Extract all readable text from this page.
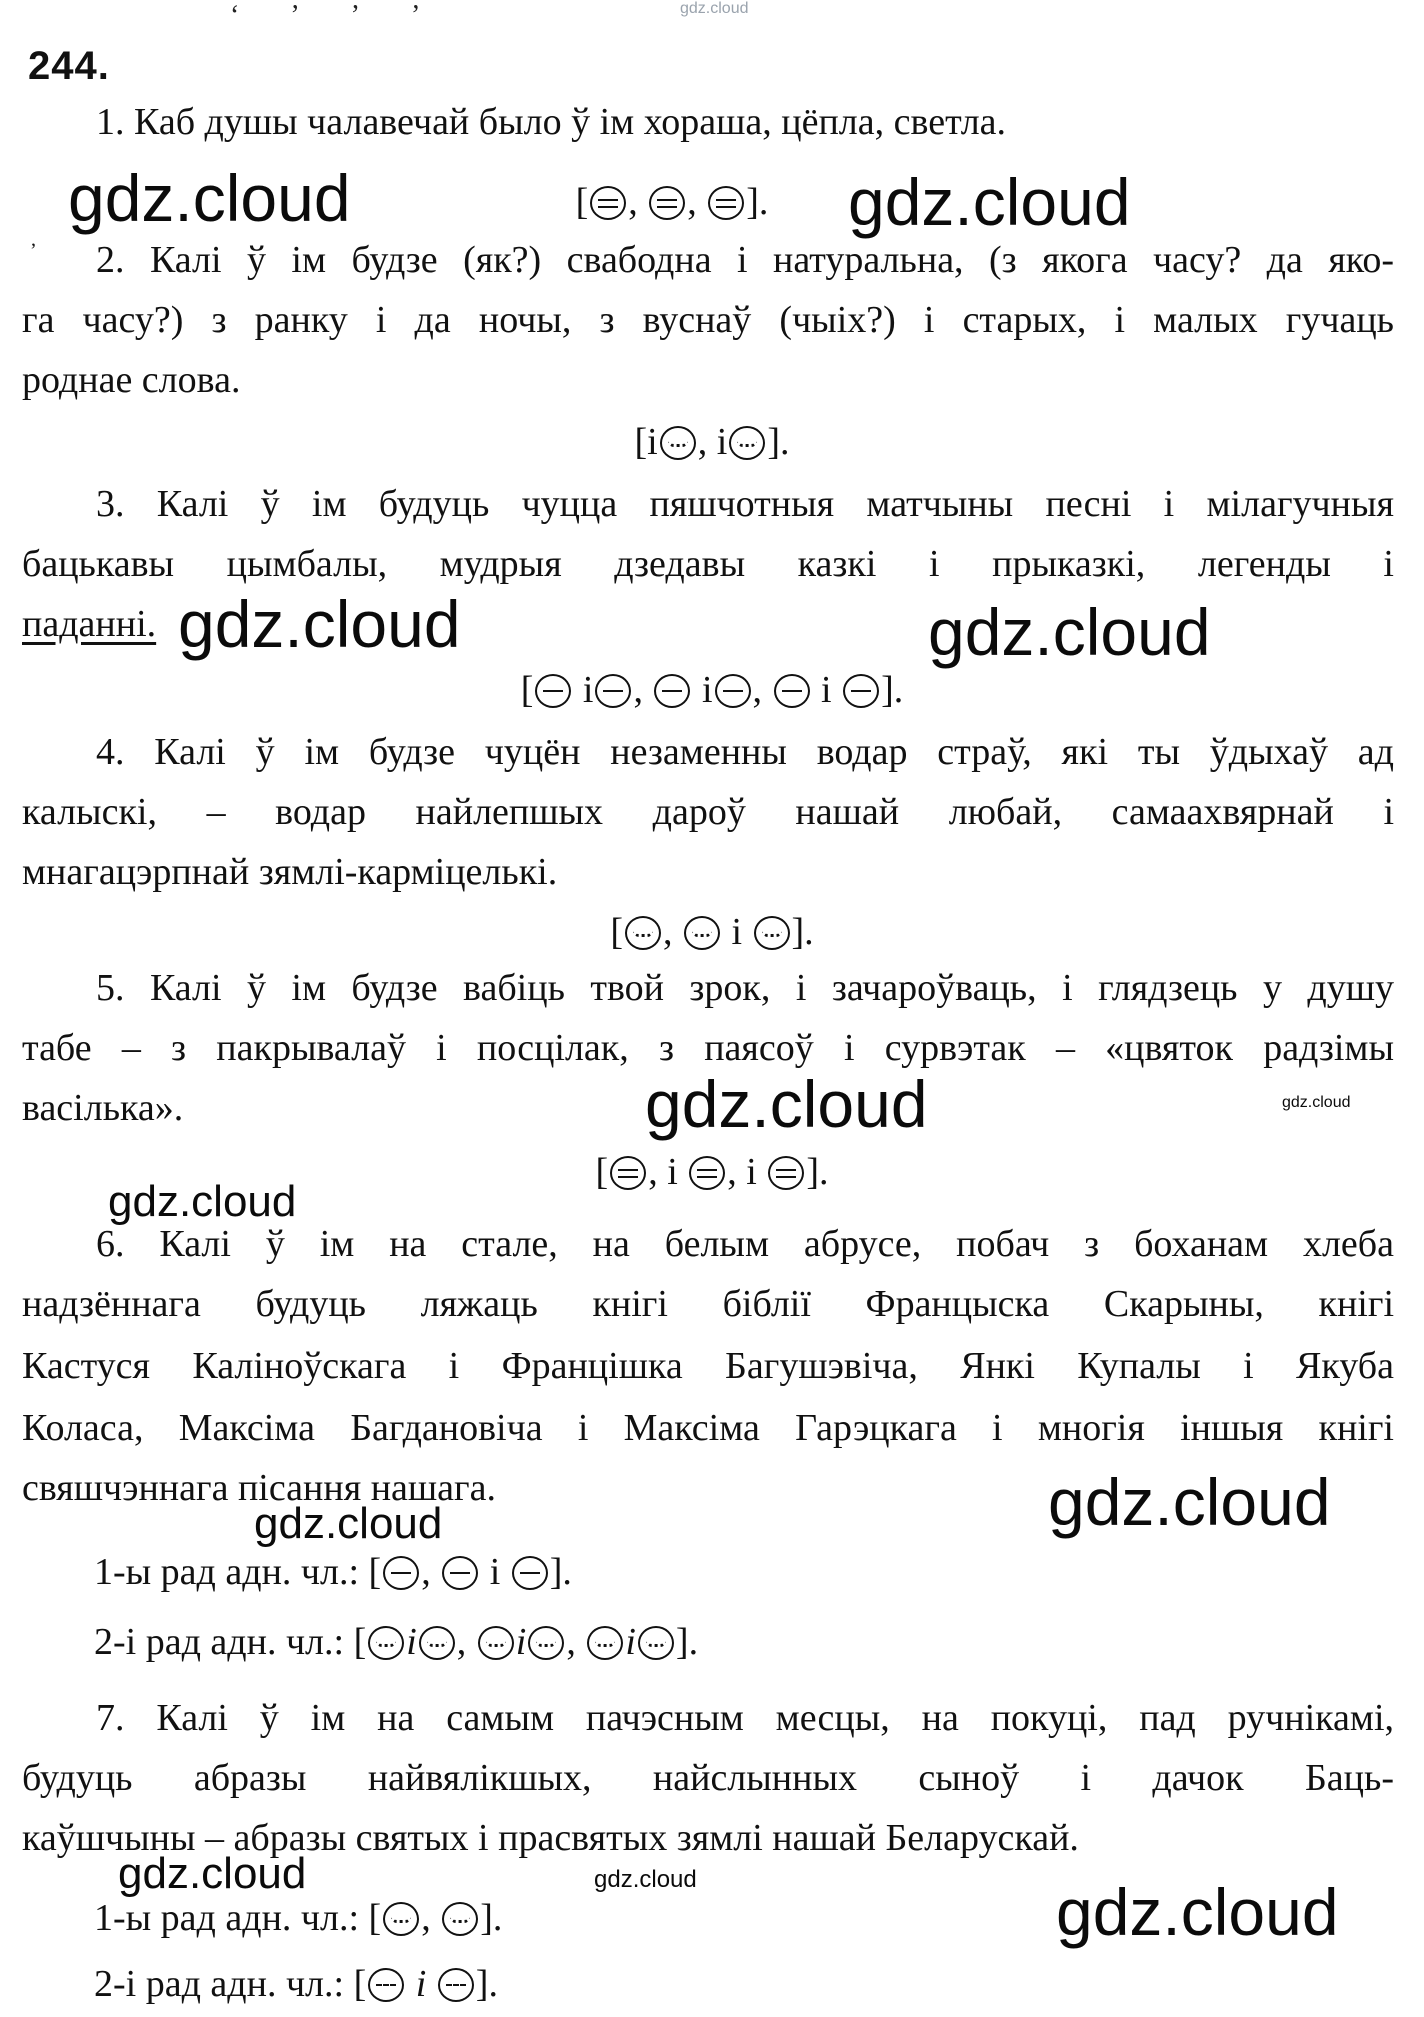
gdz.cloud
ʻ ʼ ʼ ʼ
244.
1. Каб душы чалавечай было ў ім хораша, цёпла, светла.
gdz.cloud	[ , , ].	gdz.cloud
ʼ	2. Калі ў ім будзе (як?) свабодна і натуральна, (з якога часу? да яко-
га часу?) з ранку і да ночы, з вуснаў (чыіх?) і старых, і малых гучаць
роднае слова.
[і , і ].
3. Калі ў ім будуць чуцца пяшчотныя матчыны песні і мілагучныя
бацькавы цымбалы, мудрыя дзедавы казкі і прыказкі, легенды і
паданні. gdz.cloud	gdz.cloud
[ і , і , і ].
4. Калі ў ім будзе чуцён незаменны водар страў, які ты ўдыхаў ад
калыскі, – водар найлепшых дароў нашай любай, самаахвярнай і
мнагацэрпнай зямлі-карміцелькі.
[ , і ].
5. Калі ў ім будзе вабіць твой зрок, і зачароўваць, і глядзець у душу
табе – з пакрывалаў і посцілак, з паясоў і сурвэтак – «цвяток радзімы
васілька».	gdz.cloud	gdz.cloud
[ , і , і ].
gdz.cloud
6. Калі ў ім на стале, на белым абрусе, побач з боханам хлеба
надзённага будуць ляжаць кнігі біблії Францыска Скарыны, кнігі
Кастуся Каліноўскага і Францішка Багушэвіча, Янкі Купалы і Якуба
Коласа, Максіма Багдановіча і Максіма Гарэцкага і многія іншыя кнігі
свяшчэннага пісання нашага.	gdz.cloud
gdz.cloud
1-ы рад адн. чл.: [ , і ].
2-і рад адн. чл.: [ і , і , і ].
7. Калі ў ім на самым пачэсным месцы, на покуці, пад ручнікамі,
будуць абразы найвялікшых, найслынных сыноў і дачок Баць-
каўшчыны – абразы святых і прасвятых зямлі нашай Беларускай.
gdz.cloud	gdz.cloud	gdz.cloud
1-ы рад адн. чл.: [ , ].
2-і рад адн. чл.: [ і ].
